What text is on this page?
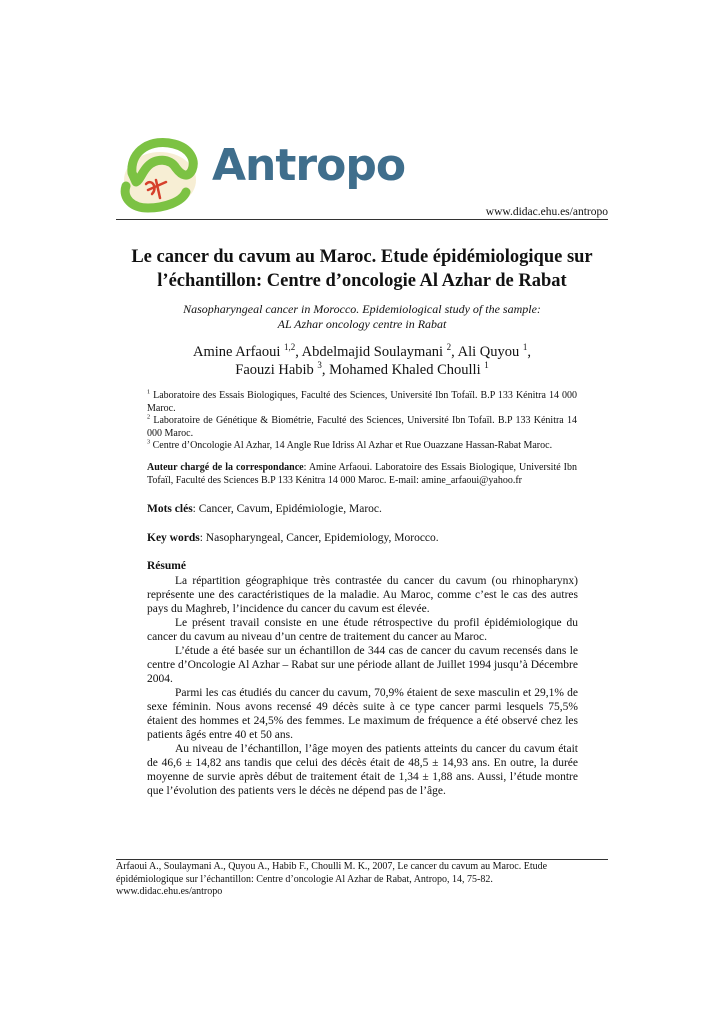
Antropo
www.didac.ehu.es/antropo
Le cancer du cavum au Maroc. Etude épidémiologique sur
l’échantillon: Centre d’oncologie Al Azhar de Rabat
Nasopharyngeal cancer in Morocco. Epidemiological study of the sample:
AL Azhar oncology centre in Rabat
Amine Arfaoui $^{1,2}$, Abdelmajid Soulaymani $^2$, Ali Quyou $^1$,
Faouzi Habib $^3$, Mohamed Khaled Choulli $^1$

$^1$ Laboratoire des Essais Biologiques, Faculté des Sciences, Université Ibn Tofaïl. B.P 133 Kénitra 14 000 Maroc.

$^2$ Laboratoire de Génétique & Biométrie, Faculté des Sciences, Université Ibn Tofaïl. B.P 133 Kénitra 14 000 Maroc.

$^3$ Centre d’Oncologie Al Azhar, 14 Angle Rue Idriss Al Azhar et Rue Ouazzane Hassan-Rabat Maroc.

Auteur chargé de la correspondance: Amine Arfaoui. Laboratoire des Essais Biologique, Université Ibn Tofaïl, Faculté des Sciences B.P 133 Kénitra 14 000 Maroc. E-mail: amine_arfaoui@yahoo.fr
Mots clés: Cancer, Cavum, Epidémiologie, Maroc.
Key words: Nasopharyngeal, Cancer, Epidemiology, Morocco.
Résumé

La répartition géographique très contrastée du cancer du cavum (ou rhinopharynx) représente une des caractéristiques de la maladie. Au Maroc, comme c’est le cas des autres pays du Maghreb, l’incidence du cancer du cavum est élevée.

Le présent travail consiste en une étude rétrospective du profil épidémiologique du cancer du cavum au niveau d’un centre de traitement du cancer au Maroc.

L’étude a été basée sur un échantillon de 344 cas de cancer du cavum recensés dans le centre d’Oncologie Al Azhar – Rabat sur une période allant de Juillet 1994 jusqu’à Décembre 2004.

Parmi les cas étudiés du cancer du cavum, 70,9% étaient de sexe masculin et 29,1% de sexe féminin. Nous avons recensé 49 décès suite à ce type cancer parmi lesquels 75,5% étaient des hommes et 24,5% des femmes. Le maximum de fréquence a été observé chez les patients âgés entre 40 et 50 ans.

Au niveau de l’échantillon, l’âge moyen des patients atteints du cancer du cavum était de 46,6 ± 14,82 ans tandis que celui des décès était de 48,5 ± 14,93 ans. En outre, la durée moyenne de survie après début de traitement était de 1,34 ± 1,88 ans. Aussi, l’étude montre que l’évolution des patients vers le décès ne dépend pas de l’âge.

Arfaoui A., Soulaymani A., Quyou A., Habib F., Choulli M. K., 2007, Le cancer du cavum au Maroc. Etude
épidémiologique sur l’échantillon: Centre d’oncologie Al Azhar de Rabat, Antropo, 14, 75-82.
www.didac.ehu.es/antropo
